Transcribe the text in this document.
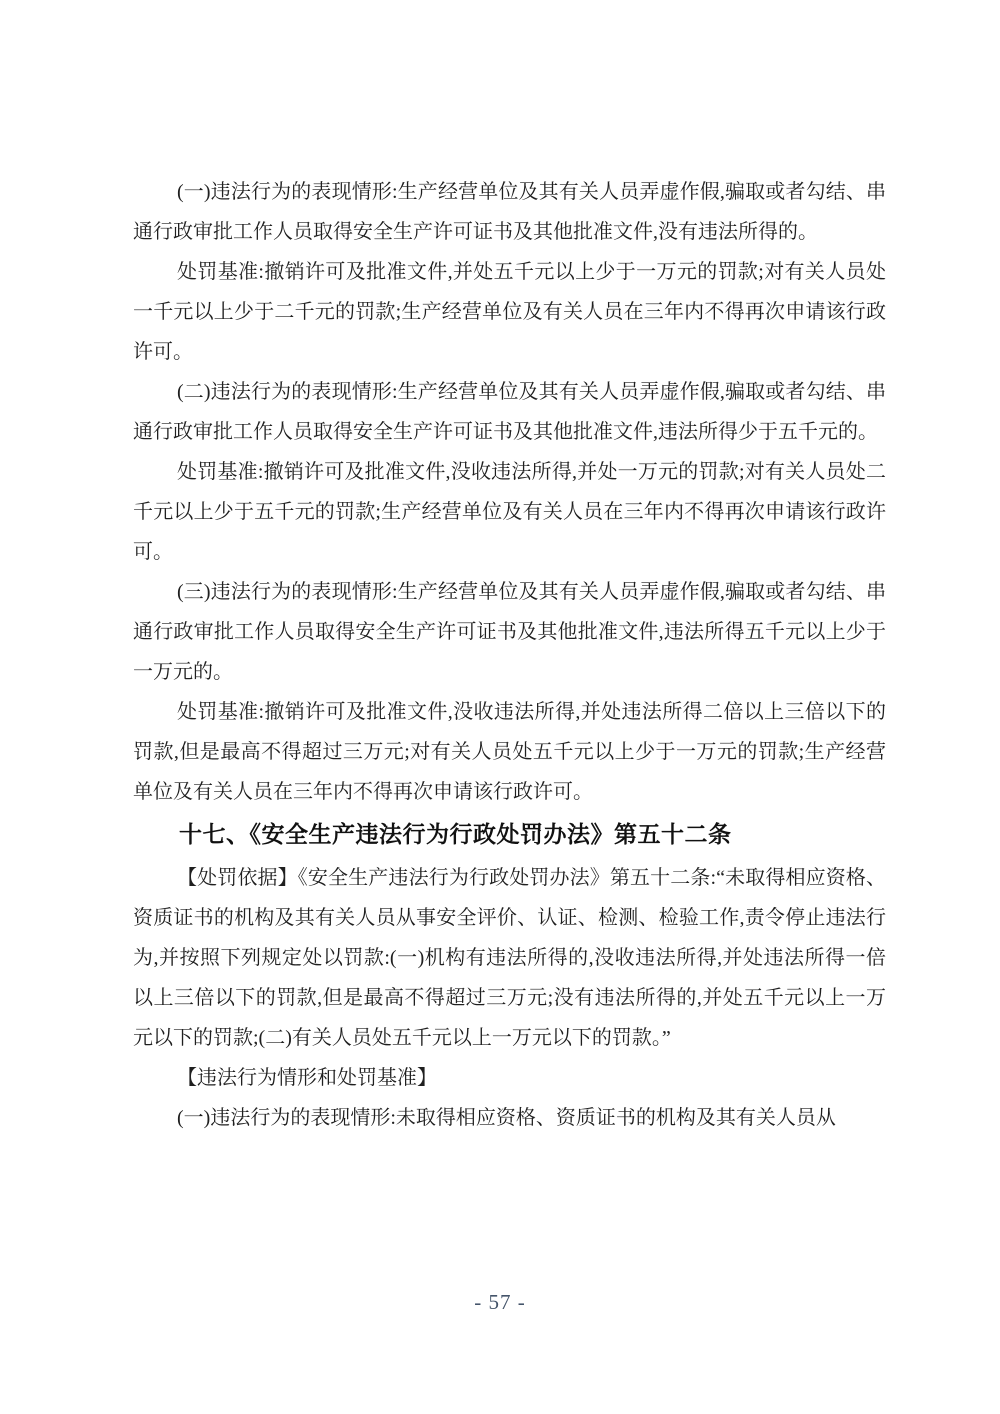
(一)违法行为的表现情形:生产经营单位及其有关人员弄虚作假,骗取或者勾结、串通行政审批工作人员取得安全生产许可证书及其他批准文件,没有违法所得的。

处罚基准:撤销许可及批准文件,并处五千元以上少于一万元的罚款;对有关人员处一千元以上少于二千元的罚款;生产经营单位及有关人员在三年内不得再次申请该行政许可。

(二)违法行为的表现情形:生产经营单位及其有关人员弄虚作假,骗取或者勾结、串通行政审批工作人员取得安全生产许可证书及其他批准文件,违法所得少于五千元的。

处罚基准:撤销许可及批准文件,没收违法所得,并处一万元的罚款;对有关人员处二千元以上少于五千元的罚款;生产经营单位及有关人员在三年内不得再次申请该行政许可。

(三)违法行为的表现情形:生产经营单位及其有关人员弄虚作假,骗取或者勾结、串通行政审批工作人员取得安全生产许可证书及其他批准文件,违法所得五千元以上少于一万元的。

处罚基准:撤销许可及批准文件,没收违法所得,并处违法所得二倍以上三倍以下的罚款,但是最高不得超过三万元;对有关人员处五千元以上少于一万元的罚款;生产经营单位及有关人员在三年内不得再次申请该行政许可。

十七、《安全生产违法行为行政处罚办法》第五十二条

【处罚依据】《安全生产违法行为行政处罚办法》第五十二条:“未取得相应资格、资质证书的机构及其有关人员从事安全评价、认证、检测、检验工作,责令停止违法行为,并按照下列规定处以罚款:(一)机构有违法所得的,没收违法所得,并处违法所得一倍以上三倍以下的罚款,但是最高不得超过三万元;没有违法所得的,并处五千元以上一万元以下的罚款;(二)有关人员处五千元以上一万元以下的罚款。”

【违法行为情形和处罚基准】

(一)违法行为的表现情形:未取得相应资格、资质证书的机构及其有关人员从

- 57 -
